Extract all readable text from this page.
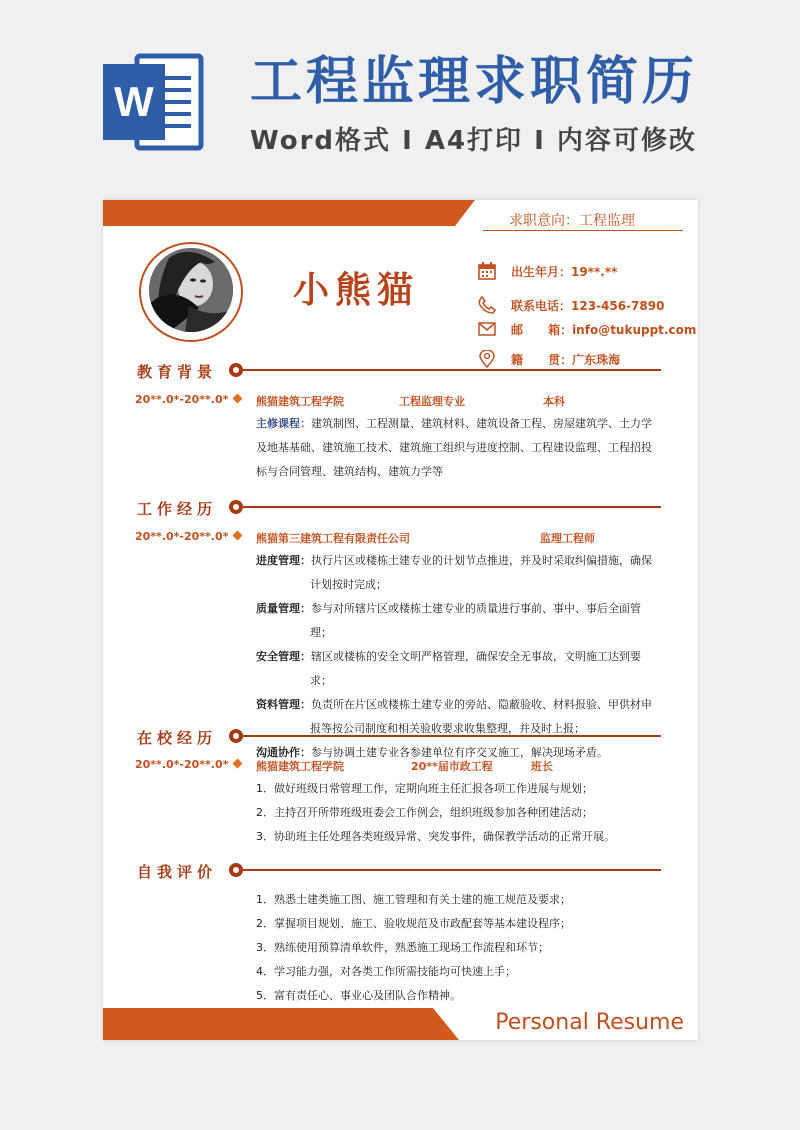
W 工程监理求职简历
Word格式 I A4打印 I 内容可修改
求职意向：工程监理
小熊猫	出生年月：19**.**
联系电话：123-456-7890
邮      箱：info@tukuppt.com
籍      贯：广东珠海
教育背景
20**.0*-20**.0*	熊猫建筑工程学院	工程监理专业	本科
主修课程：建筑制图、工程测量、建筑材料、建筑设备工程、房屋建筑学、土力学及地基基础、建筑施工技术、建筑施工组织与进度控制、工程建设监理、工程招投标与合同管理、建筑结构、建筑力学等
工作经历
20**.0*-20**.0*	熊猫第三建筑工程有限责任公司	监理工程师
进度管理：执行片区或楼栋土建专业的计划节点推进，并及时采取纠偏措施，确保计划按时完成；
质量管理：参与对所辖片区或楼栋土建专业的质量进行事前、事中、事后全面管理；
安全管理：辖区或楼栋的安全文明严格管理，确保安全无事故，文明施工达到要求；
资料管理：负责所在片区或楼栋土建专业的旁站、隐蔽验收、材料报验、甲供材申报等按公司制度和相关验收要求收集整理，并及时上报；
沟通协作：参与协调土建专业各参建单位有序交叉施工，解决现场矛盾。
在校经历
20**.0*-20**.0*	熊猫建筑工程学院	20**届市政工程	班长
1．做好班级日常管理工作，定期向班主任汇报各项工作进展与规划；
2．主持召开所带班级班委会工作例会，组织班级参加各种团建活动；
3．协助班主任处理各类班级异常、突发事件，确保教学活动的正常开展。
自我评价
1．熟悉土建类施工图、施工管理和有关土建的施工规范及要求；
2．掌握项目规划、施工、验收规范及市政配套等基本建设程序；
3．熟练使用预算清单软件，熟悉施工现场工作流程和环节；
4．学习能力强，对各类工作所需技能均可快速上手；
5．富有责任心、事业心及团队合作精神。
Personal Resume
